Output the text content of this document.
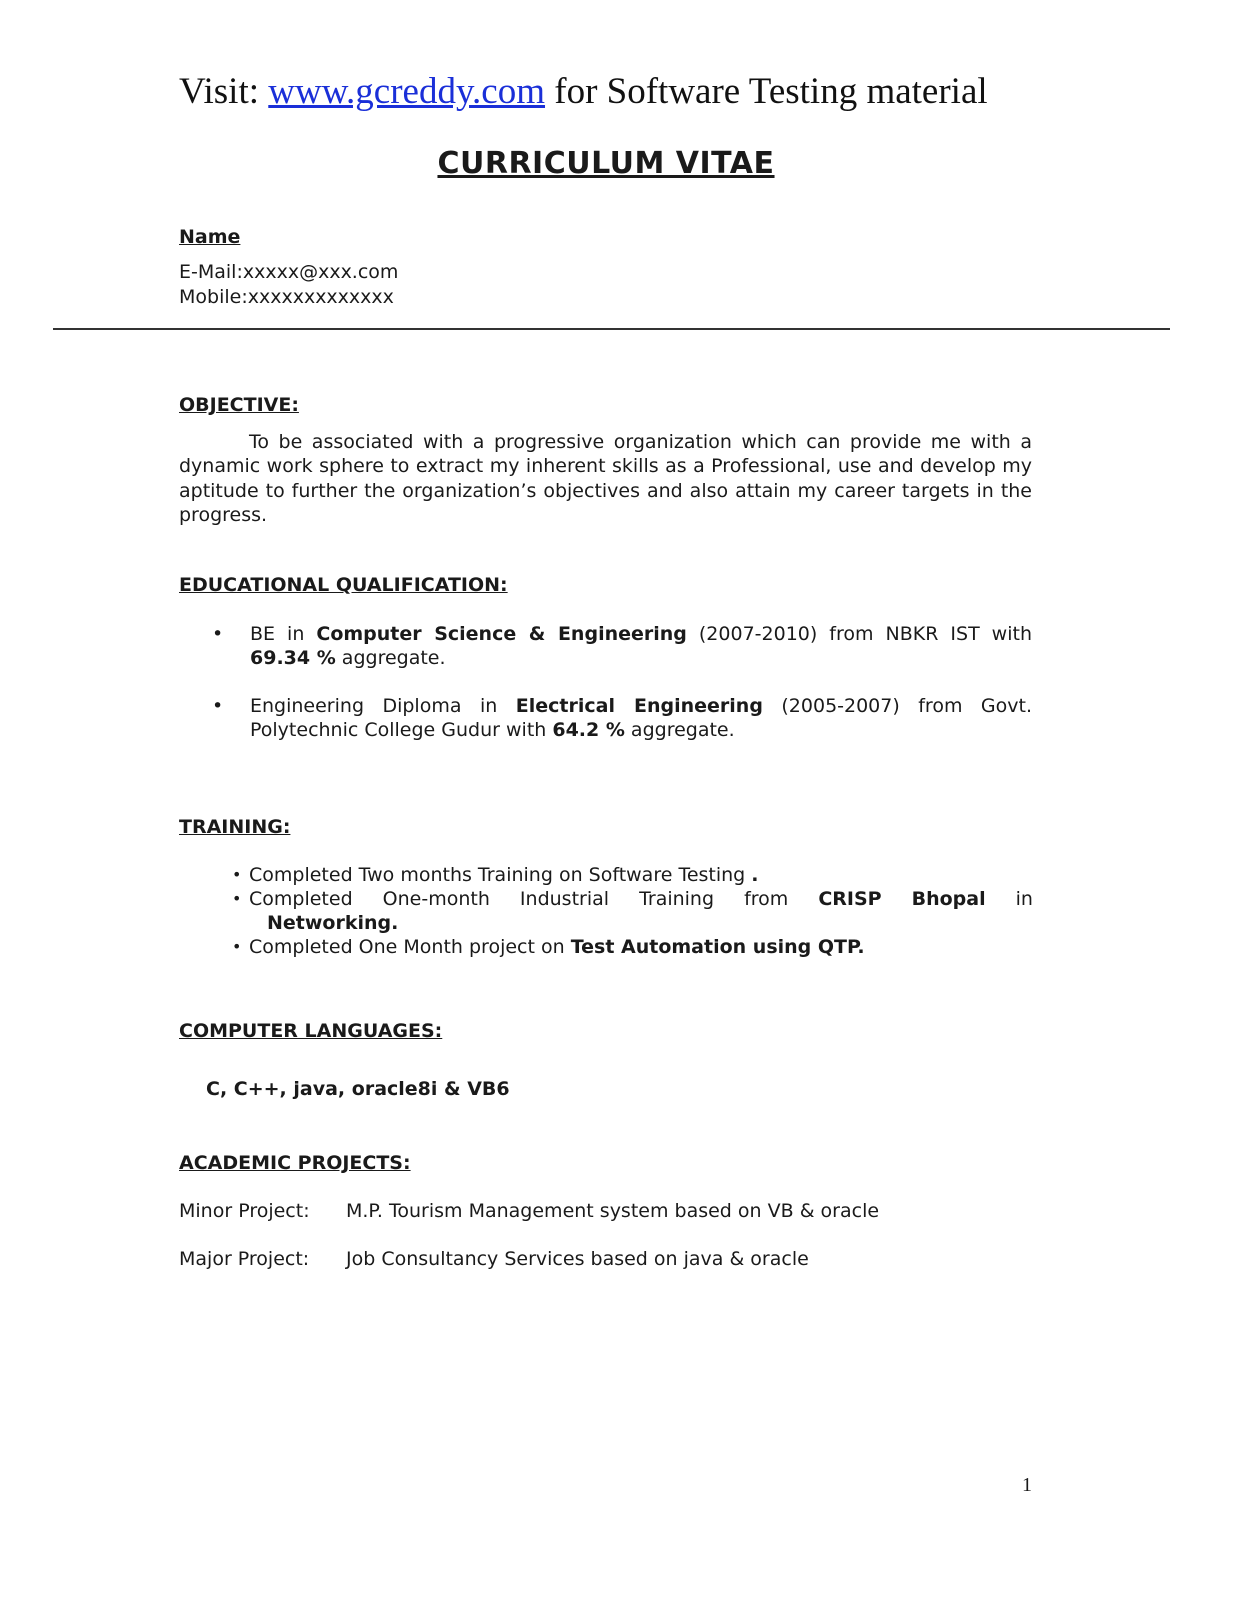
Visit: www.gcreddy.com for Software Testing material
CURRICULUM VITAE
Name
E-Mail:xxxxx@xxx.com
Mobile:xxxxxxxxxxxxx
OBJECTIVE:
To be associated with a progressive organization which can provide me with a dynamic work sphere to extract my inherent skills as a Professional, use and develop my aptitude to further the organization’s objectives and also attain my career targets in the progress.
EDUCATIONAL QUALIFICATION:
• BE in Computer Science & Engineering (2007-2010) from NBKR IST with 69.34 % aggregate.
• Engineering Diploma in Electrical Engineering (2005-2007) from Govt. Polytechnic College Gudur with 64.2 % aggregate.
TRAINING:
• Completed Two months Training on Software Testing .
• Completed One-month Industrial Training from CRISP Bhopal in
Networking.
• Completed One Month project on Test Automation using QTP.
COMPUTER LANGUAGES:
C, C++, java, oracle8i & VB6
ACADEMIC PROJECTS:
Minor Project: M.P. Tourism Management system based on VB & oracle
Major Project: Job Consultancy Services based on java & oracle
1
